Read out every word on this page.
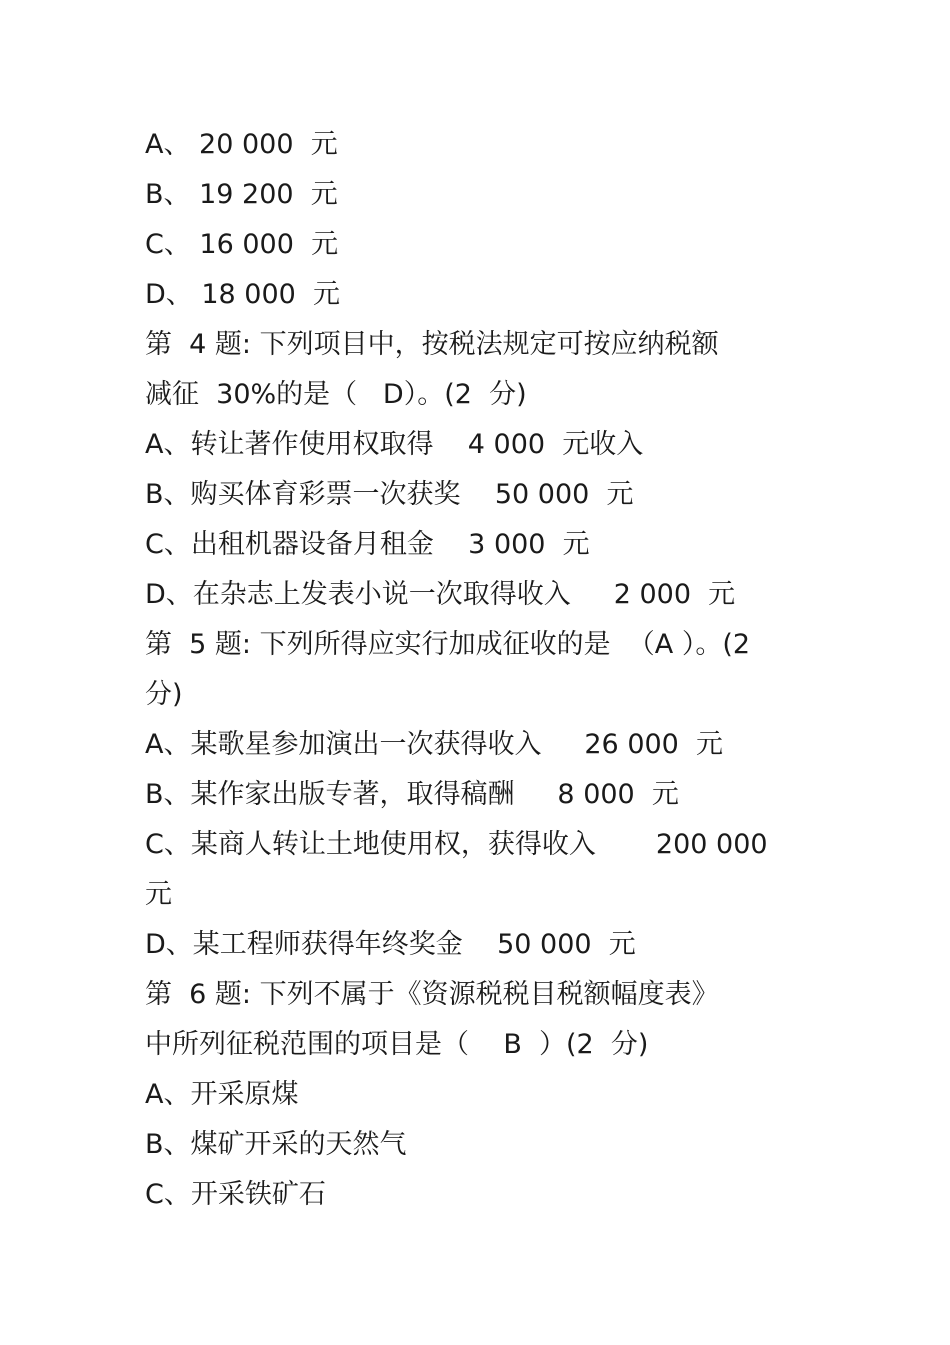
A、 20 000  元
B、 19 200  元
C、 16 000  元
D、 18 000  元
第  4 题: 下列项目中，按税法规定可按应纳税额
减征  30%的是（   D）。(2  分)
A、转让著作使用权取得    4 000  元收入
B、购买体育彩票一次获奖    50 000  元
C、出租机器设备月租金    3 000  元
D、在杂志上发表小说一次取得收入     2 000  元
第  5 题: 下列所得应实行加成征收的是  （A ）。(2
分)
A、某歌星参加演出一次获得收入     26 000  元
B、某作家出版专著，取得稿酬     8 000  元
C、某商人转让土地使用权，获得收入       200 000
元
D、某工程师获得年终奖金    50 000  元
第  6 题: 下列不属于《资源税税目税额幅度表》
中所列征税范围的项目是（    B  ）(2  分)
A、开采原煤
B、煤矿开采的天然气
C、开采铁矿石
